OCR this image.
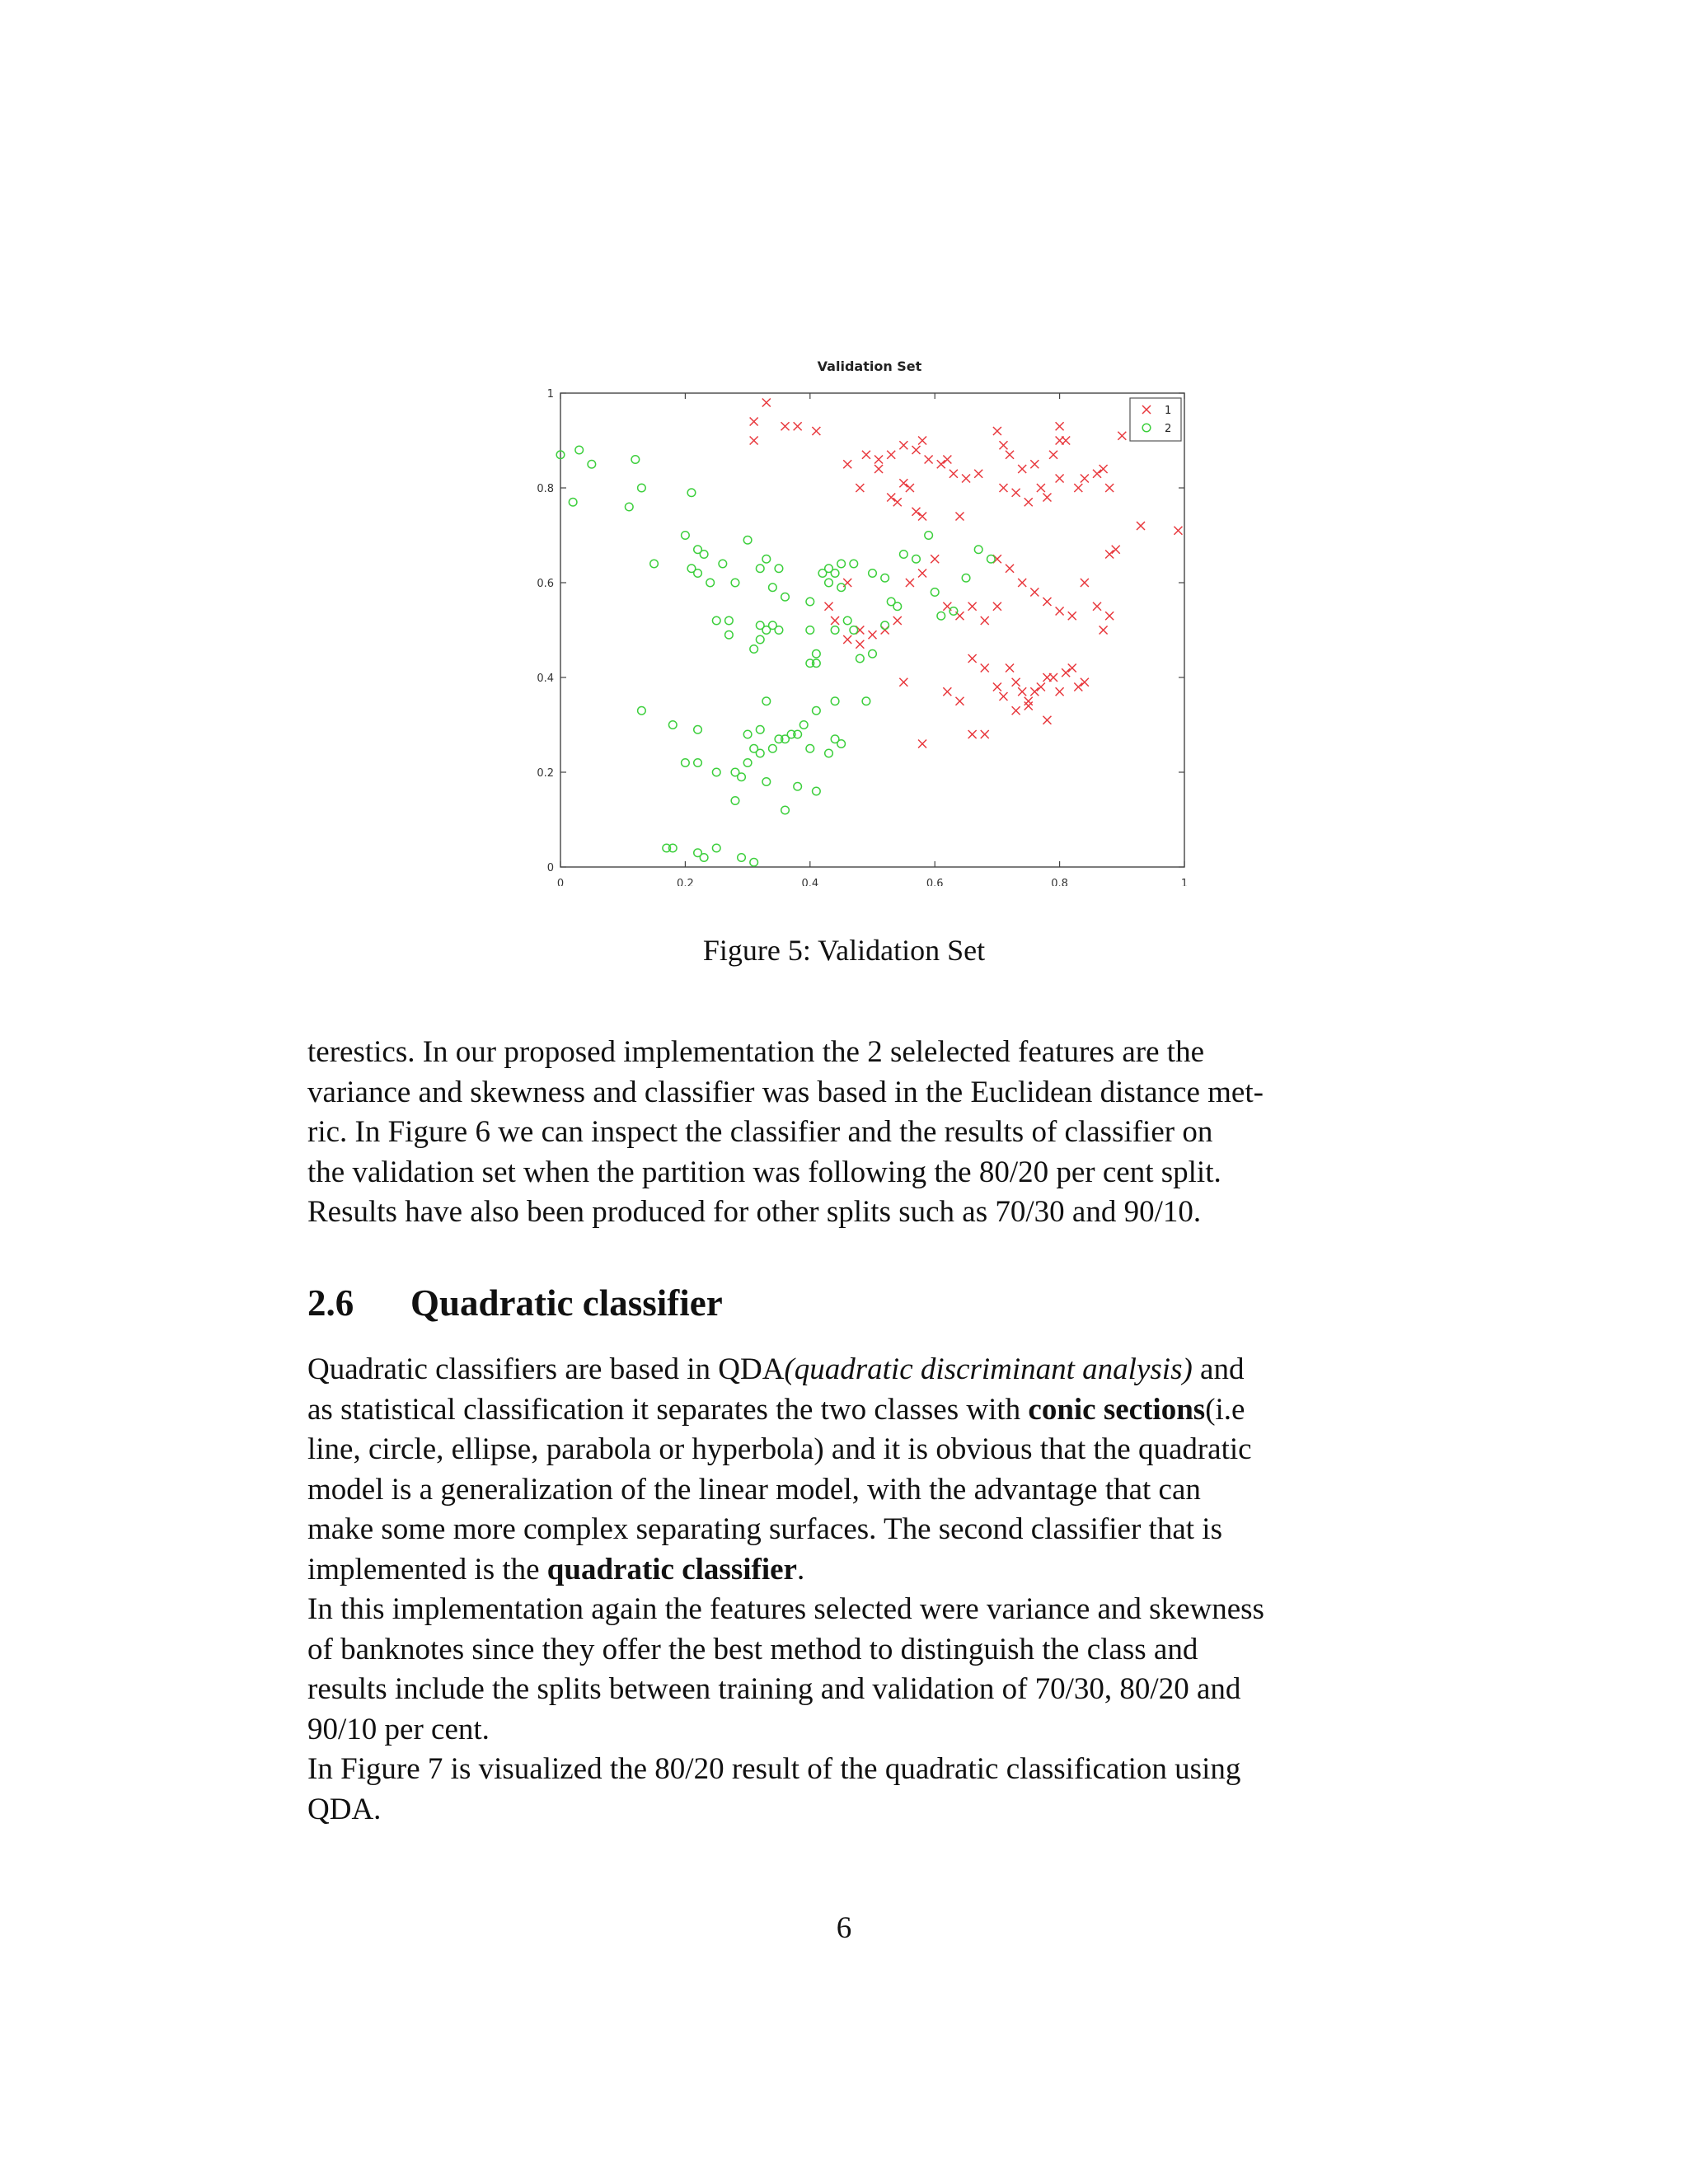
Validation Set
0	0.2	0.4	0.6	0.8	1
0
0.2
0.4
0.6
0.8
1
1
2
Figure 5: Validation Set

terestics. In our proposed implementation the 2 selelected features are the
variance and skewness and classifier was based in the Euclidean distance met-
ric. In Figure 6 we can inspect the classifier and the results of classifier on
the validation set when the partition was following the 80/20 per cent split.
Results have also been produced for other splits such as 70/30 and 90/10.

2.6 Quadratic classifier

Quadratic classifiers are based in QDA(quadratic discriminant analysis) and
as statistical classification it separates the two classes with conic sections(i.e
line, circle, ellipse, parabola or hyperbola) and it is obvious that the quadratic
model is a generalization of the linear model, with the advantage that can
make some more complex separating surfaces. The second classifier that is
implemented is the quadratic classifier.
In this implementation again the features selected were variance and skewness
of banknotes since they offer the best method to distinguish the class and
results include the splits between training and validation of 70/30, 80/20 and
90/10 per cent.
In Figure 7 is visualized the 80/20 result of the quadratic classification using
QDA.

6
